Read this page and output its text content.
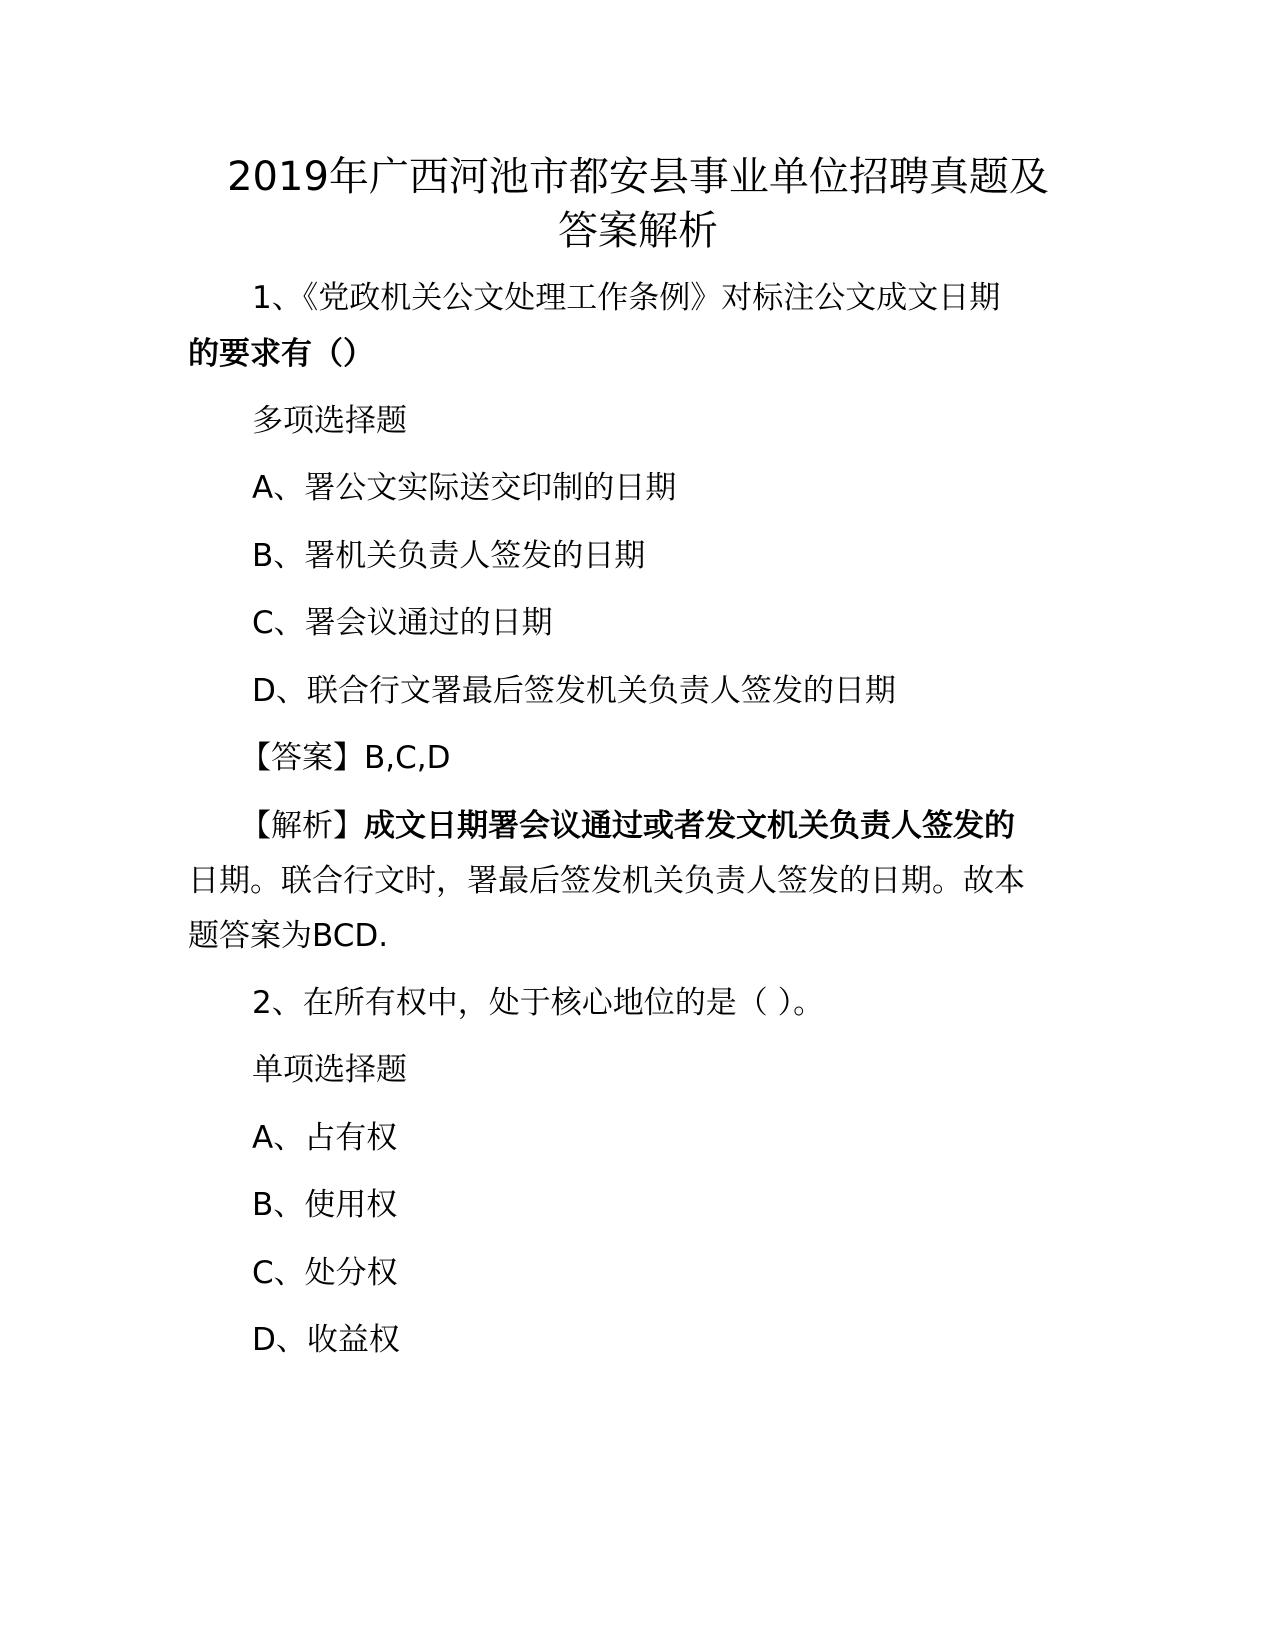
2019年广西河池市都安县事业单位招聘真题及
答案解析

1、《党政机关公文处理工作条例》对标注公文成文日期

的要求有（）

多项选择题

A、署公文实际送交印制的日期

B、署机关负责人签发的日期

C、署会议通过的日期

D、联合行文署最后签发机关负责人签发的日期

【答案】B,C,D

【解析】成文日期署会议通过或者发文机关负责人签发的

日期。联合行文时，署最后签发机关负责人签发的日期。故本

题答案为BCD.

2、在所有权中，处于核心地位的是（ ）。

单项选择题

A、占有权

B、使用权

C、处分权

D、收益权
